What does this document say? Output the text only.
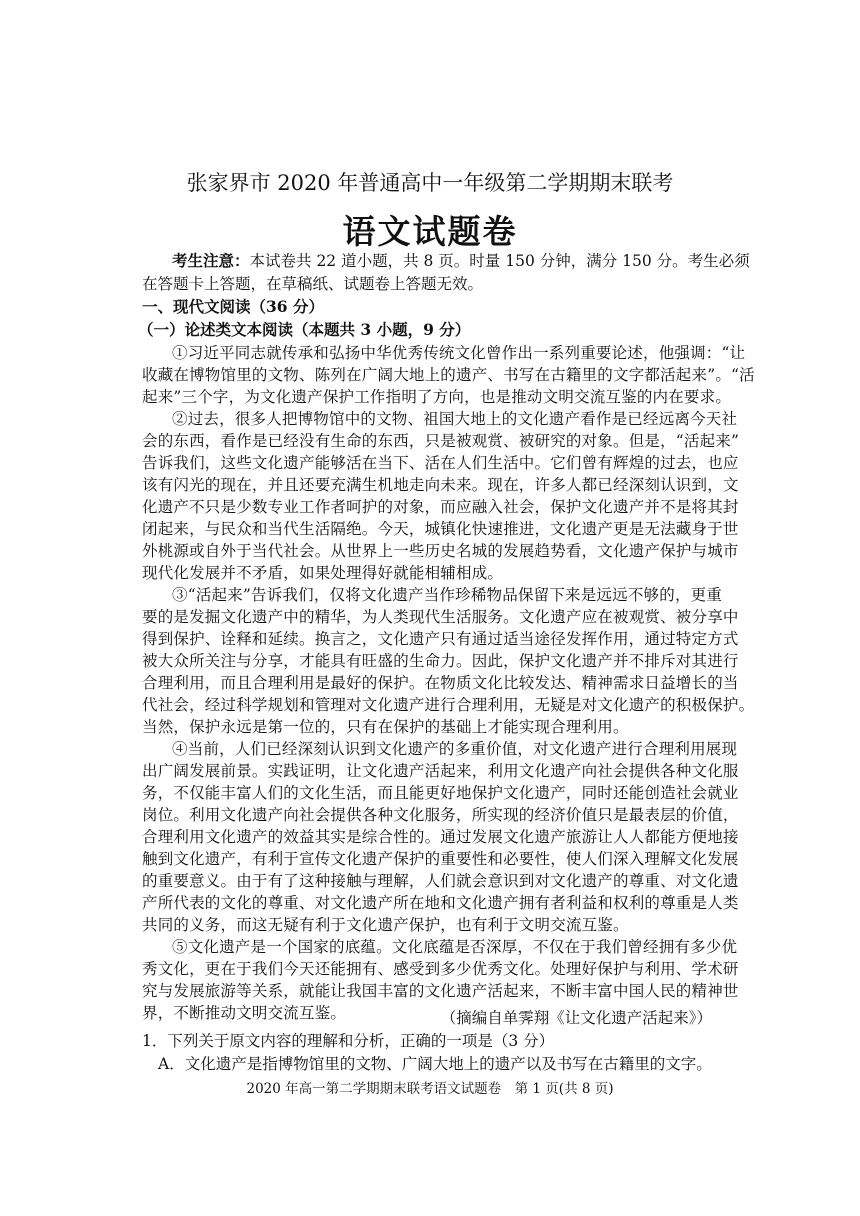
张家界市 2020 年普通高中一年级第二学期期末联考
语文试题卷
考生注意：本试卷共 22 道小题，共 8 页。时量 150 分钟，满分 150 分。考生必须
在答题卡上答题，在草稿纸、试题卷上答题无效。
一、现代文阅读（36 分）
（一）论述类文本阅读（本题共 3 小题，9 分）
①习近平同志就传承和弘扬中华优秀传统文化曾作出一系列重要论述，他强调：“让
收藏在博物馆里的文物、陈列在广阔大地上的遗产、书写在古籍里的文字都活起来”。“活
起来”三个字，为文化遗产保护工作指明了方向，也是推动文明交流互鉴的内在要求。
②过去，很多人把博物馆中的文物、祖国大地上的文化遗产看作是已经远离今天社
会的东西，看作是已经没有生命的东西，只是被观赏、被研究的对象。但是，“活起来”
告诉我们，这些文化遗产能够活在当下、活在人们生活中。它们曾有辉煌的过去，也应
该有闪光的现在，并且还要充满生机地走向未来。现在，许多人都已经深刻认识到，文
化遗产不只是少数专业工作者呵护的对象，而应融入社会，保护文化遗产并不是将其封
闭起来，与民众和当代生活隔绝。今天，城镇化快速推进，文化遗产更是无法藏身于世
外桃源或自外于当代社会。从世界上一些历史名城的发展趋势看，文化遗产保护与城市
现代化发展并不矛盾，如果处理得好就能相辅相成。
③“活起来”告诉我们，仅将文化遗产当作珍稀物品保留下来是远远不够的，更重
要的是发掘文化遗产中的精华，为人类现代生活服务。文化遗产应在被观赏、被分享中
得到保护、诠释和延续。换言之，文化遗产只有通过适当途径发挥作用，通过特定方式
被大众所关注与分享，才能具有旺盛的生命力。因此，保护文化遗产并不排斥对其进行
合理利用，而且合理利用是最好的保护。在物质文化比较发达、精神需求日益增长的当
代社会，经过科学规划和管理对文化遗产进行合理利用，无疑是对文化遗产的积极保护。
当然，保护永远是第一位的，只有在保护的基础上才能实现合理利用。
④当前，人们已经深刻认识到文化遗产的多重价值，对文化遗产进行合理利用展现
出广阔发展前景。实践证明，让文化遗产活起来，利用文化遗产向社会提供各种文化服
务，不仅能丰富人们的文化生活，而且能更好地保护文化遗产，同时还能创造社会就业
岗位。利用文化遗产向社会提供各种文化服务，所实现的经济价值只是最表层的价值，
合理利用文化遗产的效益其实是综合性的。通过发展文化遗产旅游让人人都能方便地接
触到文化遗产，有利于宣传文化遗产保护的重要性和必要性，使人们深入理解文化发展
的重要意义。由于有了这种接触与理解，人们就会意识到对文化遗产的尊重、对文化遗
产所代表的文化的尊重、对文化遗产所在地和文化遗产拥有者利益和权利的尊重是人类
共同的义务，而这无疑有利于文化遗产保护，也有利于文明交流互鉴。
⑤文化遗产是一个国家的底蕴。文化底蕴是否深厚，不仅在于我们曾经拥有多少优
秀文化，更在于我们今天还能拥有、感受到多少优秀文化。处理好保护与利用、学术研
究与发展旅游等关系，就能让我国丰富的文化遗产活起来，不断丰富中国人民的精神世
界，不断推动文明交流互鉴。	（摘编自单霁翔《让文化遗产活起来》）
1．下列关于原文内容的理解和分析，正确的一项是（3 分）
A．文化遗产是指博物馆里的文物、广阔大地上的遗产以及书写在古籍里的文字。
2020 年高一第二学期期末联考语文试题卷　第 1 页(共 8 页)
